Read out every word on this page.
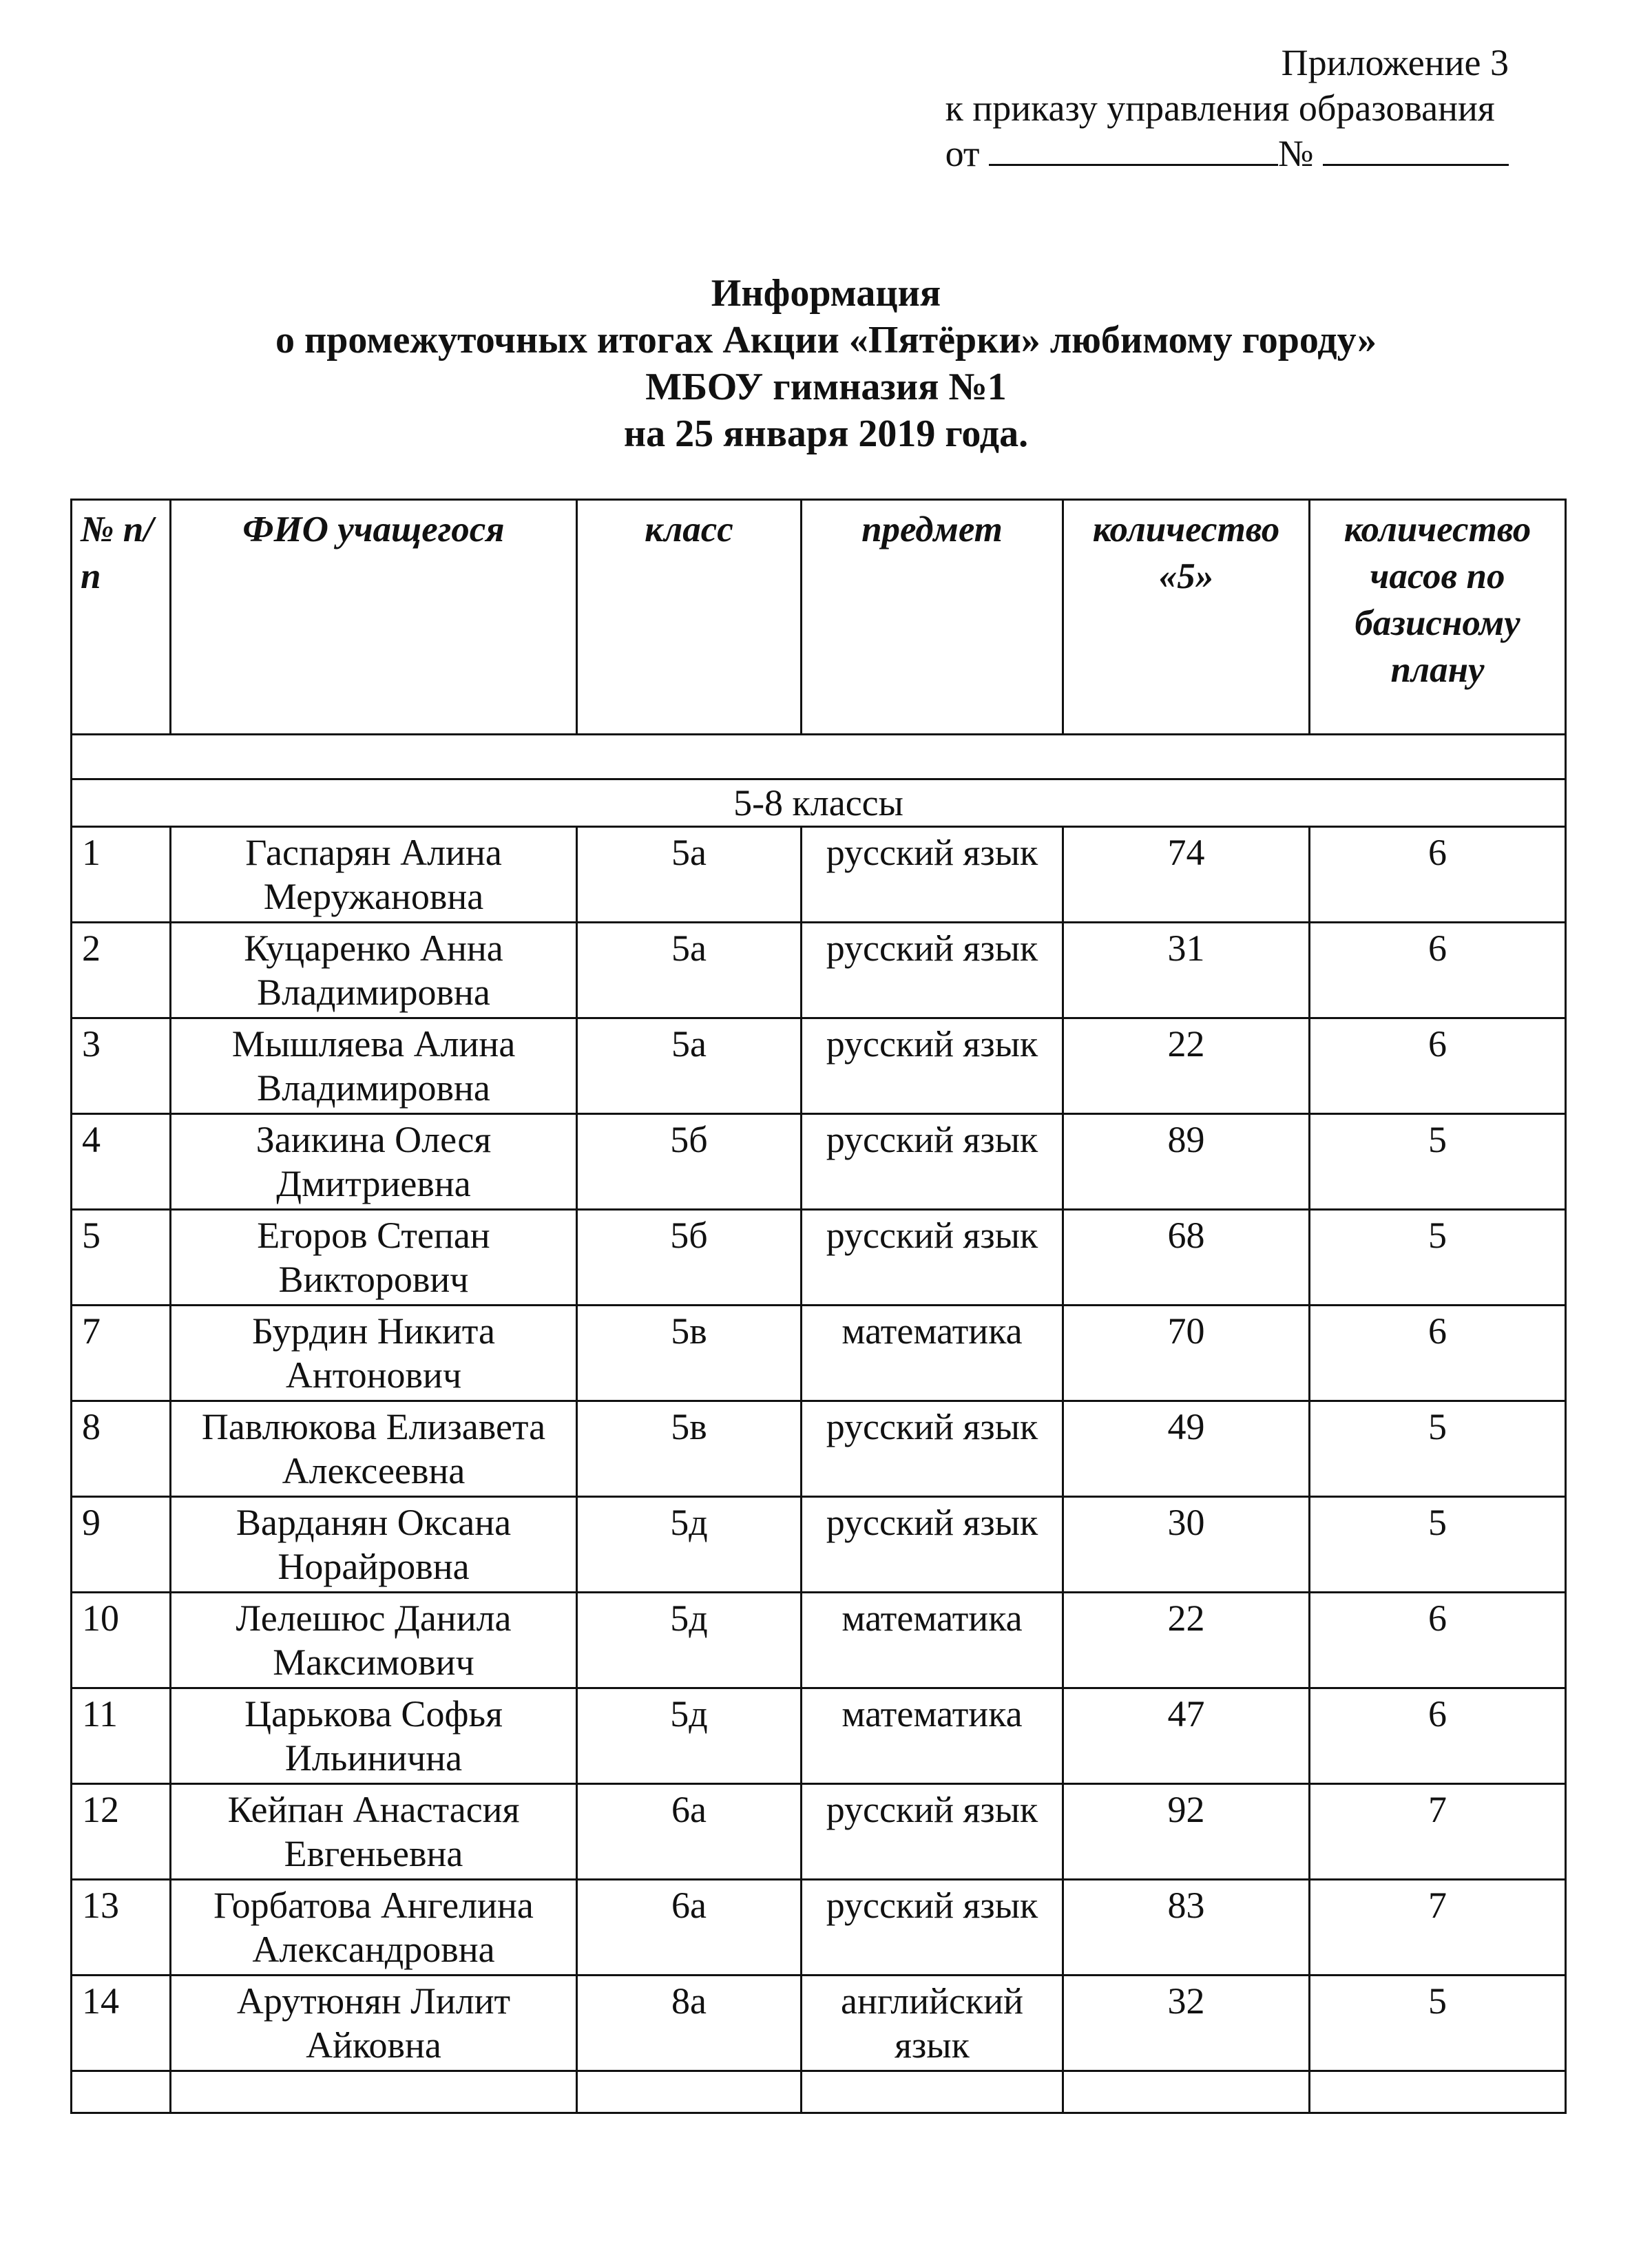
Приложение 3
к приказу управления образования
от	№
Информация
о промежуточных итогах Акции «Пятёрки» любимому городу»
МБОУ гимназия №1
на 25 января 2019 года.
№ п/п	ФИО учащегося	класс	предмет	количество «5»	количество часов по базисному плану

5-8 классы					
1	Гаспарян Алина Меружановна	5а	русский язык	74	6
2	Куцаренко Анна Владимировна	5а	русский язык	31	6
3	Мышляева Алина Владимировна	5а	русский язык	22	6
4	Заикина Олеся Дмитриевна	5б	русский язык	89	5
5	Егоров Степан Викторович	5б	русский язык	68	5
7	Бурдин Никита Антонович	5в	математика	70	6
8	Павлюкова Елизавета Алексеевна	5в	русский язык	49	5
9	Варданян Оксана Норайровна	5д	русский язык	30	5
10	Лелешюс Данила Максимович	5д	математика	22	6
11	Царькова Софья Ильинична	5д	математика	47	6
12	Кейпан Анастасия Евгеньевна	6а	русский язык	92	7
13	Горбатова Ангелина Александровна	6а	русский язык	83	7
14	Арутюнян Лилит Айковна	8а	английский язык	32	5
